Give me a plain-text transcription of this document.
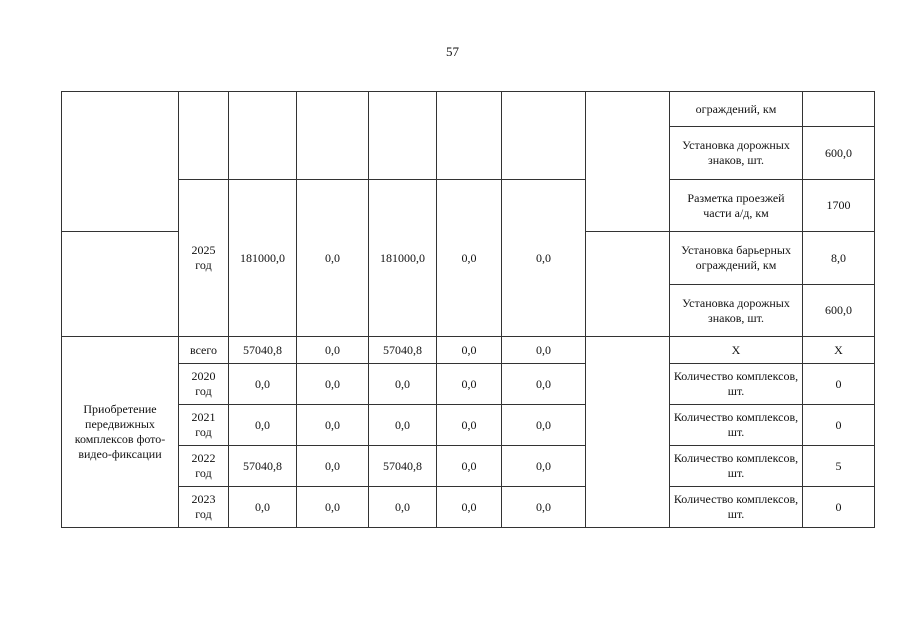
57
								ограждений, км	
								Установка дорожных знаков, шт.	600,0
	2025 год	181000,0	0,0	181000,0	0,0	0,0		Разметка проезжей части а/д, км	1700
								Установка барьерных ограждений, км	8,0
								Установка дорожных знаков, шт.	600,0
Приобретение передвижных комплексов фото-видео-фиксации	всего	57040,8	0,0	57040,8	0,0	0,0		Х	Х
	2020 год	0,0	0,0	0,0	0,0	0,0		Количество комплексов, шт.	0
	2021 год	0,0	0,0	0,0	0,0	0,0		Количество комплексов, шт.	0
	2022 год	57040,8	0,0	57040,8	0,0	0,0		Количество комплексов, шт.	5
	2023 год	0,0	0,0	0,0	0,0	0,0		Количество комплексов, шт.	0
